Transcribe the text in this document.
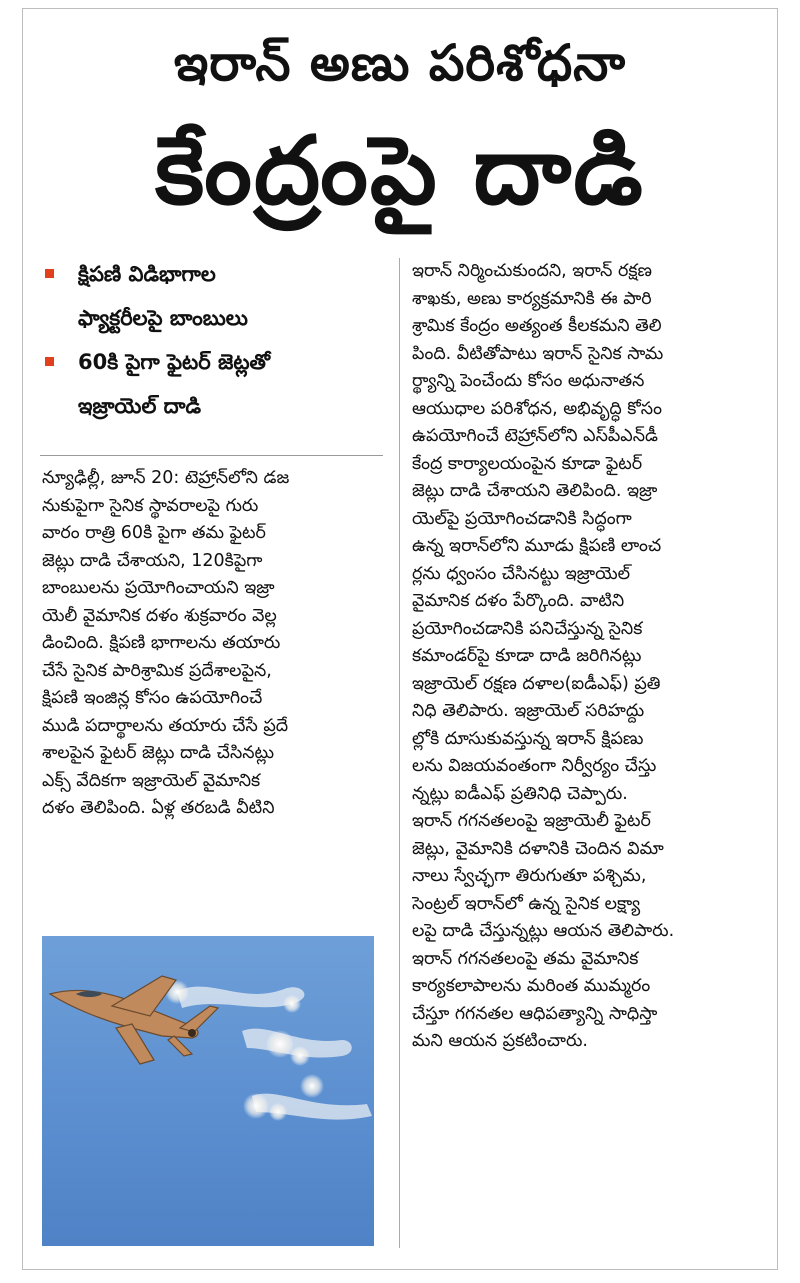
ఇరాన్ అణు పరిశోధనా
కేంద్రంపై దాడి
క్షిపణి విడిభాగాల
ఫ్యాక్టరీలపై బాంబులు
60కి పైగా ఫైటర్ జెట్లతో
ఇజ్రాయెల్ దాడి
న్యూఢిల్లీ, జూన్ 20: టెహ్రాన్‌లోని డజ
నుకుపైగా సైనిక స్థావరాలపై గురు
వారం రాత్రి 60కి పైగా తమ ఫైటర్
జెట్లు దాడి చేశాయని, 120కిపైగా
బాంబులను ప్రయోగించాయని ఇజ్రా
యెలీ వైమానిక దళం శుక్రవారం వెల్ల
డించింది. క్షిపణి భాగాలను తయారు
చేసే సైనిక పారిశ్రామిక ప్రదేశాలపైన,
క్షిపణి ఇంజిన్ల కోసం ఉపయోగించే
ముడి పదార్థాలను తయారు చేసే ప్రదే
శాలపైన ఫైటర్ జెట్లు దాడి చేసినట్లు
ఎక్స్ వేదికగా ఇజ్రాయెల్ వైమానిక
దళం తెలిపింది. ఏళ్ల తరబడి వీటిని
ఇరాన్ నిర్మించుకుందని, ఇరాన్ రక్షణ
శాఖకు, అణు కార్యక్రమానికి ఈ పారి
శ్రామిక కేంద్రం అత్యంత కీలకమని తెలి
పింది. వీటితోపాటు ఇరాన్ సైనిక సామ
ర్థ్యాన్ని పెంచేందు కోసం అధునాతన
ఆయుధాల పరిశోధన, అభివృద్ధి కోసం
ఉపయోగించే టెహ్రాన్‌లోని ఎస్‌పీఎన్‌డీ
కేంద్ర కార్యాలయంపైన కూడా ఫైటర్
జెట్లు దాడి చేశాయని తెలిపింది. ఇజ్రా
యెల్‌పై ప్రయోగించడానికి సిద్ధంగా
ఉన్న ఇరాన్‌లోని మూడు క్షిపణి లాంచ
ర్లను ధ్వంసం చేసినట్టు ఇజ్రాయెల్
వైమానిక దళం పేర్కొంది. వాటిని
ప్రయోగించడానికి పనిచేస్తున్న సైనిక
కమాండర్‌పై కూడా దాడి జరిగినట్లు
ఇజ్రాయెల్ రక్షణ దళాల(ఐడీఎఫ్) ప్రతి
నిధి తెలిపారు. ఇజ్రాయెల్ సరిహద్దు
ల్లోకి దూసుకువస్తున్న ఇరాన్ క్షిపణు
లను విజయవంతంగా నిర్వీర్యం చేస్తు
న్నట్లు ఐడీఎఫ్ ప్రతినిధి చెప్పారు.
ఇరాన్ గగనతలంపై ఇజ్రాయెలీ ఫైటర్
జెట్లు, వైమానికి దళానికి చెందిన విమా
నాలు స్వేచ్ఛగా తిరుగుతూ పశ్చిమ,
సెంట్రల్ ఇరాన్‌లో ఉన్న సైనిక లక్ష్యా
లపై దాడి చేస్తున్నట్లు ఆయన తెలిపారు.
ఇరాన్ గగనతలంపై తమ వైమానిక
కార్యకలాపాలను మరింత ముమ్మరం
చేస్తూ గగనతల ఆధిపత్యాన్ని సాధిస్తా
మని ఆయన ప్రకటించారు.
